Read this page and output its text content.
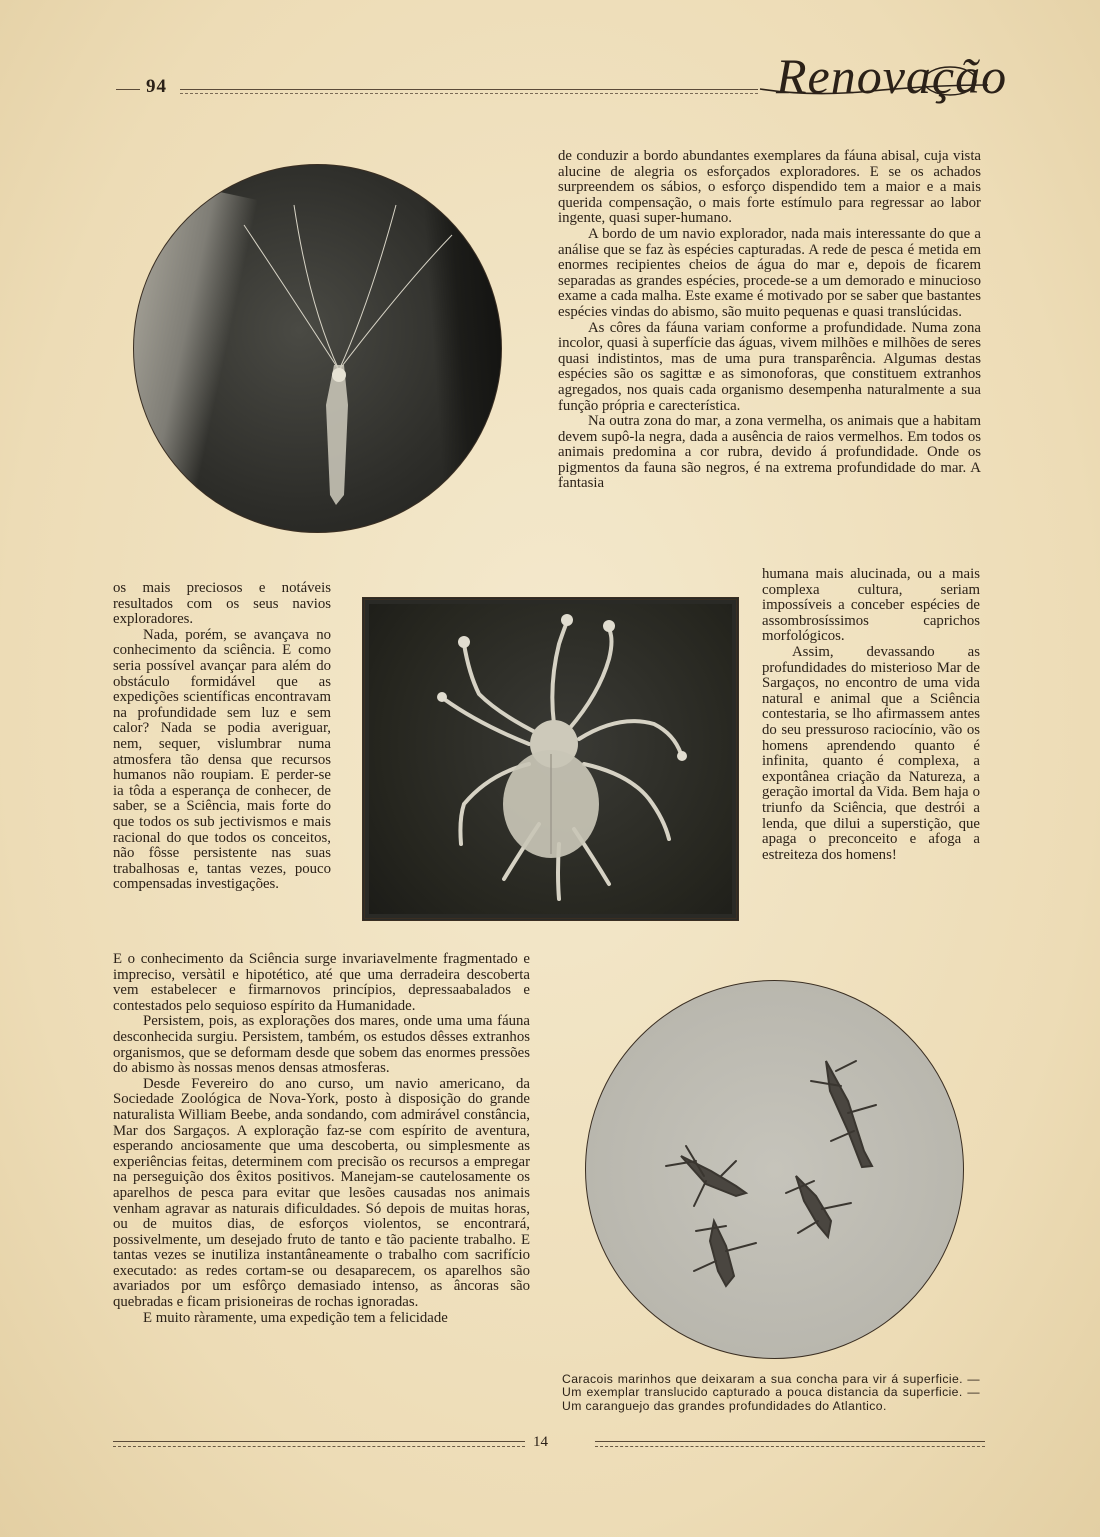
94	Renovação

de conduzir a bordo abundantes exemplares da fáuna abisal, cuja vista alucine de alegria os esforçados exploradores. E se os achados surpreendem os sábios, o esforço dispendido tem a maior e a mais querida compensação, o mais forte estímulo para regressar ao labor ingente, quasi super-humano.

A bordo de um navio explorador, nada mais interessante do que a análise que se faz às espécies capturadas. A rede de pesca é metida em enormes recipientes cheios de água do mar e, depois de ficarem separadas as grandes espécies, procede-se a um demorado e minucioso exame a cada malha. Este exame é motivado por se saber que bastantes espécies vindas do abismo, são muito pequenas e quasi translúcidas.

As côres da fáuna variam conforme a profundidade. Numa zona incolor, quasi à superfície das águas, vivem milhões e milhões de seres quasi indistintos, mas de uma pura transparência. Algumas destas espécies são os sagittæ e as simonoforas, que constituem extranhos agregados, nos quais cada organismo desempenha naturalmente a sua função própria e carecterística.

Na outra zona do mar, a zona vermelha, os animais que a habitam devem supô-la negra, dada a ausência de raios vermelhos. Em todos os animais predomina a cor rubra, devido á profundidade. Onde os pigmentos da fauna são negros, é na extrema profundidade do mar. A fantasia

humana mais alucinada, ou a mais complexa cultura, seriam impossíveis a conceber espécies de assombrosíssimos caprichos morfológicos.

Assim, devassando as profundidades do misterioso Mar de Sargaços, no encontro de uma vida natural e animal que a Sciência contestaria, se lho afirmassem antes do seu pressuroso raciocínio, vão os homens aprendendo quanto é infinita, quanto é complexa, a expontânea criação da Natureza, a geração imortal da Vida. Bem haja o triunfo da Sciência, que destrói a lenda, que dilui a superstição, que apaga o preconceito e afoga a estreiteza dos homens!

os mais preciosos e notáveis resultados com os seus navios exploradores.

Nada, porém, se avançava no conhecimento da sciência. E como seria possível avançar para além do obstáculo formidável que as expedições scientíficas encontravam na profundidade sem luz e sem calor? Nada se podia averiguar, nem, sequer, vislumbrar numa atmosfera tão densa que recursos humanos não roupiam. E perder-se ia tôda a esperança de conhecer, de saber, se a Sciência, mais forte do que todos os sub jectivismos e mais racional do que todos os conceitos, não fôsse persistente nas suas trabalhosas e, tantas vezes, pouco compensadas investigações.

E o conhecimento da Sciência surge invariavelmente fragmentado e impreciso, versàtil e hipotético, até que uma derradeira descoberta vem estabelecer e firmarnovos princípios, depressaabalados e contestados pelo sequioso espírito da Humanidade.

Persistem, pois, as explorações dos mares, onde uma uma fáuna desconhecida surgiu. Persistem, também, os estudos dêsses extranhos organismos, que se deformam desde que sobem das enormes pressões do abismo às nossas menos densas atmosferas.

Desde Fevereiro do ano curso, um navio americano, da Sociedade Zoológica de Nova-York, posto à disposição do grande naturalista William Beebe, anda sondando, com admirável constância, Mar dos Sargaços. A exploração faz-se com espírito de aventura, esperando anciosamente que uma descoberta, ou simplesmente as experiências feitas, determinem com precisão os recursos a empregar na perseguição dos êxitos positivos. Manejam-se cautelosamente os aparelhos de pesca para evitar que lesões causadas nos animais venham agravar as naturais dificuldades. Só depois de muitas horas, ou de muitos dias, de esforços violentos, se encontrará, possivelmente, um desejado fruto de tanto e tão paciente trabalho. E tantas vezes se inutiliza instantâneamente o trabalho com sacrifício executado: as redes cortam-se ou desaparecem, os aparelhos são avariados por um esfôrço demasiado intenso, as âncoras são quebradas e ficam prisioneiras de rochas ignoradas.

E muito ràramente, uma expedição tem a felicidade

Caracois marinhos que deixaram a sua concha para vir á superficie. — Um exemplar translucido capturado a pouca distancia da superficie. — Um caranguejo das grandes profundidades do Atlantico.
14
